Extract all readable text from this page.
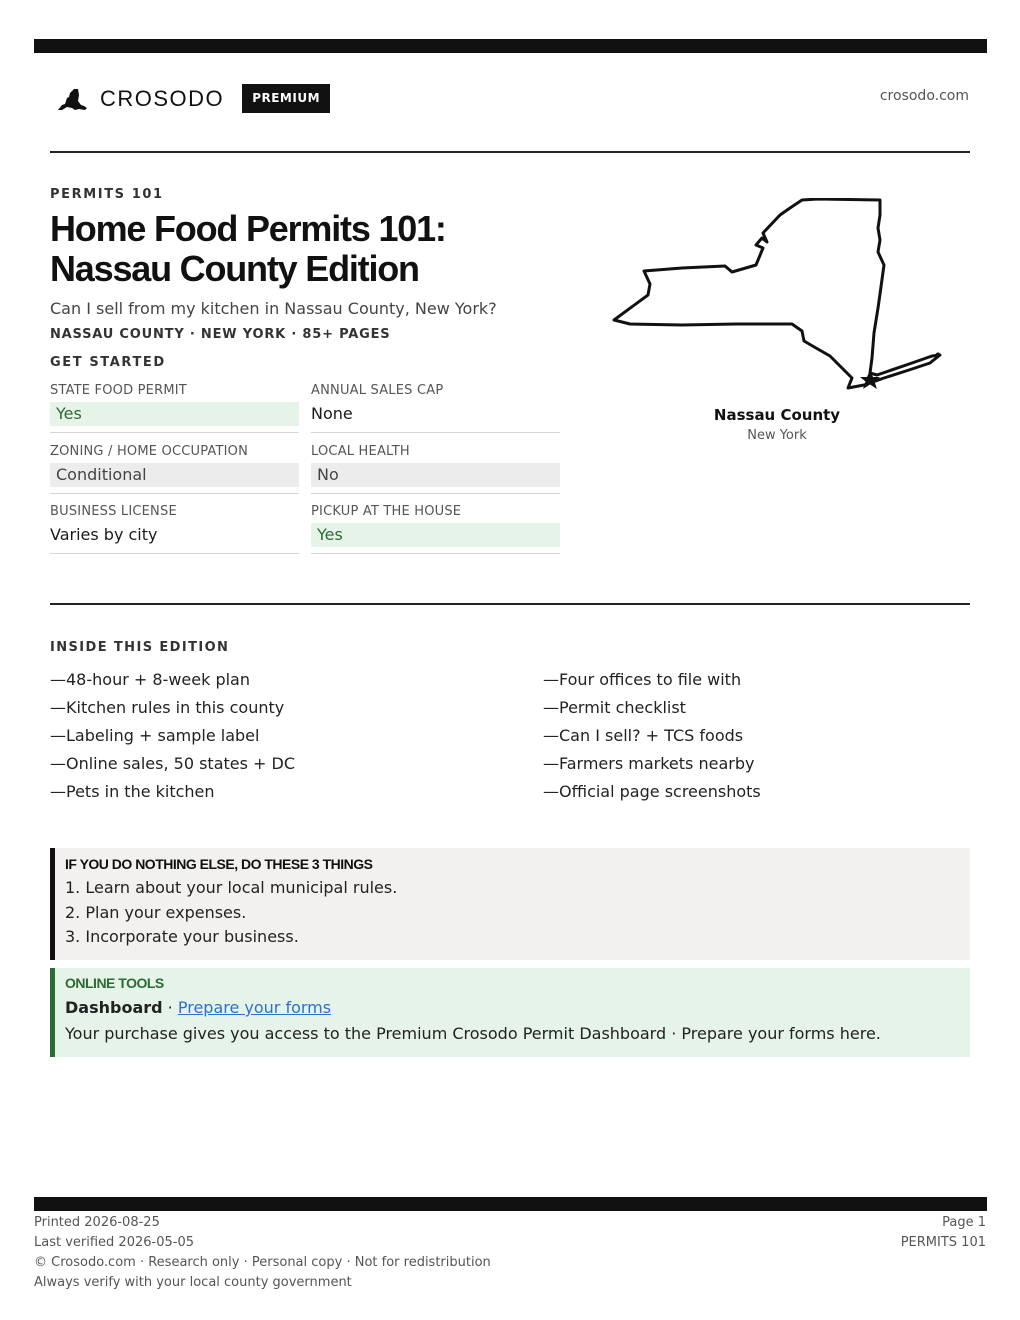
CROSODO	PREMIUM	crosodo.com
PERMITS 101
Home Food Permits 101: Nassau County Edition

Can I sell from my kitchen in Nassau County, New York?

NASSAU COUNTY · NEW YORK · 85+ PAGES
GET STARTED
STATE FOOD PERMIT
Yes
ANNUAL SALES CAP
None
ZONING / HOME OCCUPATION
Conditional
LOCAL HEALTH
No
BUSINESS LICENSE
Varies by city
PICKUP AT THE HOUSE
Yes
Nassau County
New York
INSIDE THIS EDITION
—48-hour + 8-week plan
—Kitchen rules in this county
—Labeling + sample label
—Online sales, 50 states + DC
—Pets in the kitchen
—Four offices to file with
—Permit checklist
—Can I sell? + TCS foods
—Farmers markets nearby
—Official page screenshots
IF YOU DO NOTHING ELSE, DO THESE 3 THINGS
1. Learn about your local municipal rules.
2. Plan your expenses.
3. Incorporate your business.
ONLINE TOOLS
Dashboard · Prepare your forms
Your purchase gives you access to the Premium Crosodo Permit Dashboard · Prepare your forms here.
Printed 2026-08-25
Last verified 2026-05-05
© Crosodo.com · Research only · Personal copy · Not for redistribution
Always verify with your local county government
Page 1
PERMITS 101
